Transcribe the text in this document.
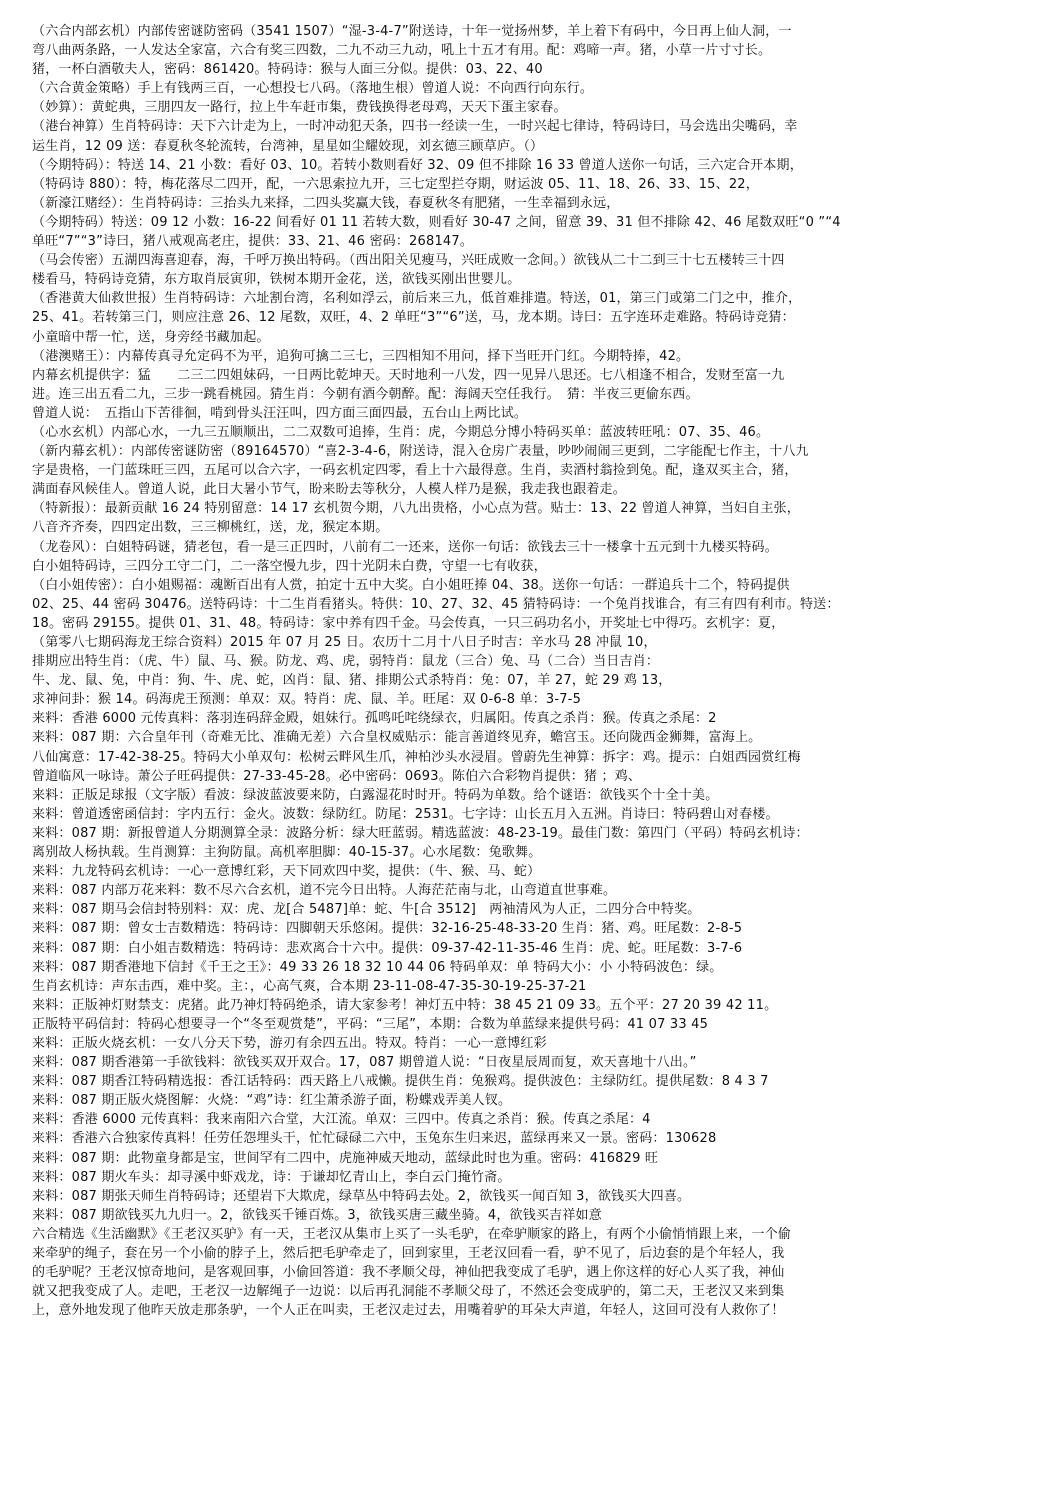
（六合内部玄机）内部传密谜防密码（3541 1507）“湿-3-4-7”附送诗，十年一觉扬州梦，羊上着下有码中，今日再上仙人洞，一
弯八曲两条路，一人发达全家富，六合有奖三四数，二九不动三九动，吼上十五才有用。配：鸡啼一声。猪，小草一片寸寸长。
猪，一杯白酒敬夫人，密码：861420。特码诗：猴与人面三分似。提供：03、22、40
（六合黄金策略）手上有钱两三百，一心想投七八码。（落地生根）曾道人说：不向西行向东行。
（妙算）：黄蛇典，三朋四友一路行，拉上牛车赶市集，费钱换得老母鸡，天天下蛋主家春。
（港台神算）生肖特码诗：天下六计走为上，一时冲动犯天条，四书一经读一生，一时兴起七律诗，特码诗曰，马会选出尖嘴码，幸
运生肖，12 09 送：春夏秋冬轮流转，台湾神，星星如尘耀姣现，刘玄德三顾草庐。（）
（今期特码）：特送 14、21 小数：看好 03、10。若转小数则看好 32、09 但不排除 16 33 曾道人送你一句话，三六定合开本期，
（特码诗 880）：特，梅花落尽二四开，配，一六思索拉九开，三七定型拦夺期，财运波 05、11、18、26、33、15、22，
（新濠江赌经）：生肖特码诗：三抬头九来择，二四头奖赢大钱，春夏秋冬有肥猪，一生幸福到永远，
（今期特码）特送：09 12 小数：16-22 间看好 01 11 若转大数，则看好 30-47 之间，留意 39、31 但不排除 42、46 尾数双旺“0 ”“4
单旺“7”“3”诗曰，猪八戒观高老庄，提供：33、21、46 密码：268147。
（马会传密）五湖四海喜迎春，海，千呼万换出特码。（西出阳关见瘦马，兴旺成败一念间。）欲钱从二十二到三十七五楼转三十四
楼看马，特码诗竞猜，东方取肖辰寅卯，铁树本期开金花，送，欲钱买刚出世婴儿。
（香港黄大仙救世报）生肖特码诗：六址割台湾，名利如浮云，前后来三九，低首难排遣。特送，01，第三门或第二门之中，推介，
25、41。若转第三门，则应注意 26、12 尾数，双旺，4、2 单旺“3”“6”送，马，龙本期。诗曰：五字连环走难路。特码诗竞猜：
小童暗中帮一忙，送，身旁经书藏加起。
（港澳赌王）：内幕传真寻允定码不为平，追狗可擒二三七，三四相知不用问，择下当旺开门红。今期特捧，42。
内幕玄机提供字：猛　　二三二四姐妹码，一日两比乾坤天。天时地利一八发，四一见异八思还。七八相逢不相合，发财至富一九
进。连三出五看二九，三步一跳看桃园。猜生肖：今朝有酒今朝醉。配：海阔天空任我行。　猜：半夜三更偷东西。
曾道人说：　五指山下苦徘徊，啃到骨头汪汪叫，四方面三面四最，五台山上两比试。
（心水玄机）内部心水，一九三五顺顺出，二二双数可追捧，生肖：虎，今期总分博小特码买单：蓝波转旺吼：07、35、46。
（新内幕玄机）：内部传密谜防密（89164570）“喜2-3-4-6，附送诗，混入仓房广表量，吵吵闹闹三更到，二字能配七作主，十八九
字是贵格，一门蓝珠旺三四，五尾可以合六字，一码玄机定四零，看上十六最得意。生肖，卖酒村翁捡到兔。配，逢双买主合，猪，
满面春风候佳人。曾道人说，此日大暑小节气，盼来盼去等秋分，人模人样乃是猴，我走我也跟着走。
（特新报）：最新贡献 16 24 特别留意：14 17 玄机贺今期，八九出贵格，小心点为营。贴士：13、22 曾道人神算，当妇自主张，
八音齐齐奏，四四定出数，三三柳桃红，送，龙，猴定本期。
（龙卷风）：白姐特码谜，猜老包，看一是三正四时，八前有二一还来，送你一句话：欲钱去三十一楼拿十五元到十九楼买特码。
白小姐特码诗，三四分工守二门，二一落空慢九步，四十光阴未白费，守望一七有收获，
（白小姐传密）：白小姐赐福：魂断百出有人赏，拍定十五中大奖。白小姐旺捧 04、38。送你一句话：一群追兵十二个，特码提供
02、25、44 密码 30476。送特码诗：十二生肖看猪头。特供：10、27、32、45 猜特码诗：一个兔肖找谁合，有三有四有利市。特送：
18。密码 29155。提供 01、31、48。特码诗：家中养有四千金。马会传真，一只三码功名小，开奖址七中得巧。玄机字：夏，
（第零八七期码海龙王综合资料）2015 年 07 月 25 日。农历十二月十八日子时吉：辛水马 28 冲鼠 10，
排期应出特生肖：（虎、牛）鼠、马、猴。防龙、鸡、虎，弱特肖：鼠龙（三合）兔、马（二合）当日吉肖：
牛、龙、鼠、兔，中肖：狗、牛、虎、蛇，凶肖：鼠、猪、排期公式杀特肖：兔：07，羊 27，蛇 29 鸡 13，
求神问卦：猴 14。码海虎王预测：单双：双。特肖：虎、鼠、羊。旺尾：双 0-6-8 单：3-7-5
来料：香港 6000 元传真料：落羽连码辞金殿，姐妹行。孤鸣吒咤绕绿衣，归属阳。传真之杀肖：猴。传真之杀尾：2
来料：087 期：六合皇年刊（奇难无比、准确无差）六合皇权威贴示：能言善道终见弃，蟾宫玉。还向陇西金狮舞，富海上。
八仙寓意：17-42-38-25。特码大小单双句：松树云畔风生爪，神柏沙头水浸眉。曾蔚先生神算：拆字：鸡。提示：白姐西园赏红梅
曾道临风一咏诗。萧公子旺码提供：27-33-45-28。必中密码：0693。陈伯六合彩物肖提供：猪 ；鸡、
来料：正版足球报（文字版）看波：绿波蓝波要来防，白露湿花时时开。特码为单数。给个谜语：欲钱买个十全十美。
来料：曾道透密函信封：字内五行：金火。波数：绿防红。防尾：2531。七字诗：山长五月入五洲。肖诗曰：特码碧山对春楼。
来料：087 期：新报曾道人分期测算全录：波路分析：绿大旺蓝弱。精选蓝波：48-23-19。最佳门数：第四门（平码）特码玄机诗：
离别故人杨执载。生肖测算：主狗防鼠。高机率胆脚：40-15-37。心水尾数：兔歌舞。
来料：九龙特码玄机诗：一心一意博红彩，天下同欢四中奖，提供：（牛、猴、马、蛇）
来料：087 内部万花来料：数不尽六合玄机，道不完今日出特。人海茫茫南与北，山弯道直世事难。
来料：087 期马会信封特别料：双：虎、龙[合 5487]单：蛇、牛[合 3512]　两袖清风为人正，二四分合中特奖。
来料：087 期：曾女士吉数精选：特码诗：四脚朝天乐悠闲。提供：32-16-25-48-33-20 生肖：猪、鸡。旺尾数：2-8-5
来料：087 期：白小姐吉数精选：特码诗：悲欢离合十六中。提供：09-37-42-11-35-46 生肖：虎、蛇。旺尾数：3-7-6
来料：087 期香港地下信封《千王之王》：49 33 26 18 32 10 44 06 特码单双：单 特码大小：小 小特码波色：绿。
生肖玄机诗：声东击西，难中奖。主：，心高气爽，合本期 23-11-08-47-35-30-19-25-37-21
来料：正版神灯财禁支：虎猪。此乃神灯特码绝杀，请大家参考！神灯五中特：38 45 21 09 33。五个平：27 20 39 42 11。
正版特平码信封：特码心想要寻一个“冬至观赏楚”，平码：“三尾”，本期：合数为单蓝绿来提供号码：41 07 33 45
来料：正版火烧玄机：一女八分天下势，游刃有余四五出。特双。特肖：一心一意博红彩
来料：087 期香港第一手欲钱料：欲钱买双开双合。17，087 期曾道人说：“日夜星辰周而复，欢天喜地十八出。”
来料：087 期香江特码精选报：香江话特码：西天路上八戒懒。提供生肖：兔猴鸡。提供波色：主绿防红。提供尾数：8 4 3 7
来料：087 期正版火烧图解：火烧：“鸡”诗：红尘萧杀游子面，粉蝶戏弄美人钗。
来料：香港 6000 元传真料：我来南阳六合堂，大江流。单双：三四中。传真之杀肖：猴。传真之杀尾：4
来料：香港六合独家传真料！任劳任怨埋头干，忙忙碌碌二六中，玉兔东生归来迟，蓝绿再来又一景。密码：130628
来料：087 期：此物童身都是宝，世间罕有二四中，虎施神威天地动，蓝绿此时也为重。密码：416829 旺
来料：087 期火车头：却寻溪中虾戏龙，诗：于谦却忆青山上，李白云门掩竹斋。
来料：087 期张天师生肖特码诗；还望岩下大欺虎，绿草丛中特码去处。2，欲钱买一闻百知 3，欲钱买大四喜。
来料：087 期欲钱买九九归一。2，欲钱买千锤百炼。3，欲钱买唐三藏坐骑。4，欲钱买吉祥如意
六合精选《生活幽默》《王老汉买驴》有一天，王老汉从集市上买了一头毛驴，在牵驴顺家的路上，有两个小偷悄悄跟上来，一个偷
来牵驴的绳子，套在另一个小偷的脖子上，然后把毛驴牵走了，回到家里，王老汉回看一看，驴不见了，后边套的是个年轻人，我
的毛驴呢？王老汉惊奇地问，是客观回事，小偷回答道：我不孝顺父母，神仙把我变成了毛驴，遇上你这样的好心人买了我，神仙
就又把我变成了人。走吧，王老汉一边解绳子一边说：以后再孔洞能不孝顺父母了，不然还会变成驴的，第二天，王老汉又来到集
上，意外地发现了他昨天放走那条驴，一个人正在叫卖，王老汉走过去，用嘴着驴的耳朵大声道，年轻人，这回可没有人救你了！
